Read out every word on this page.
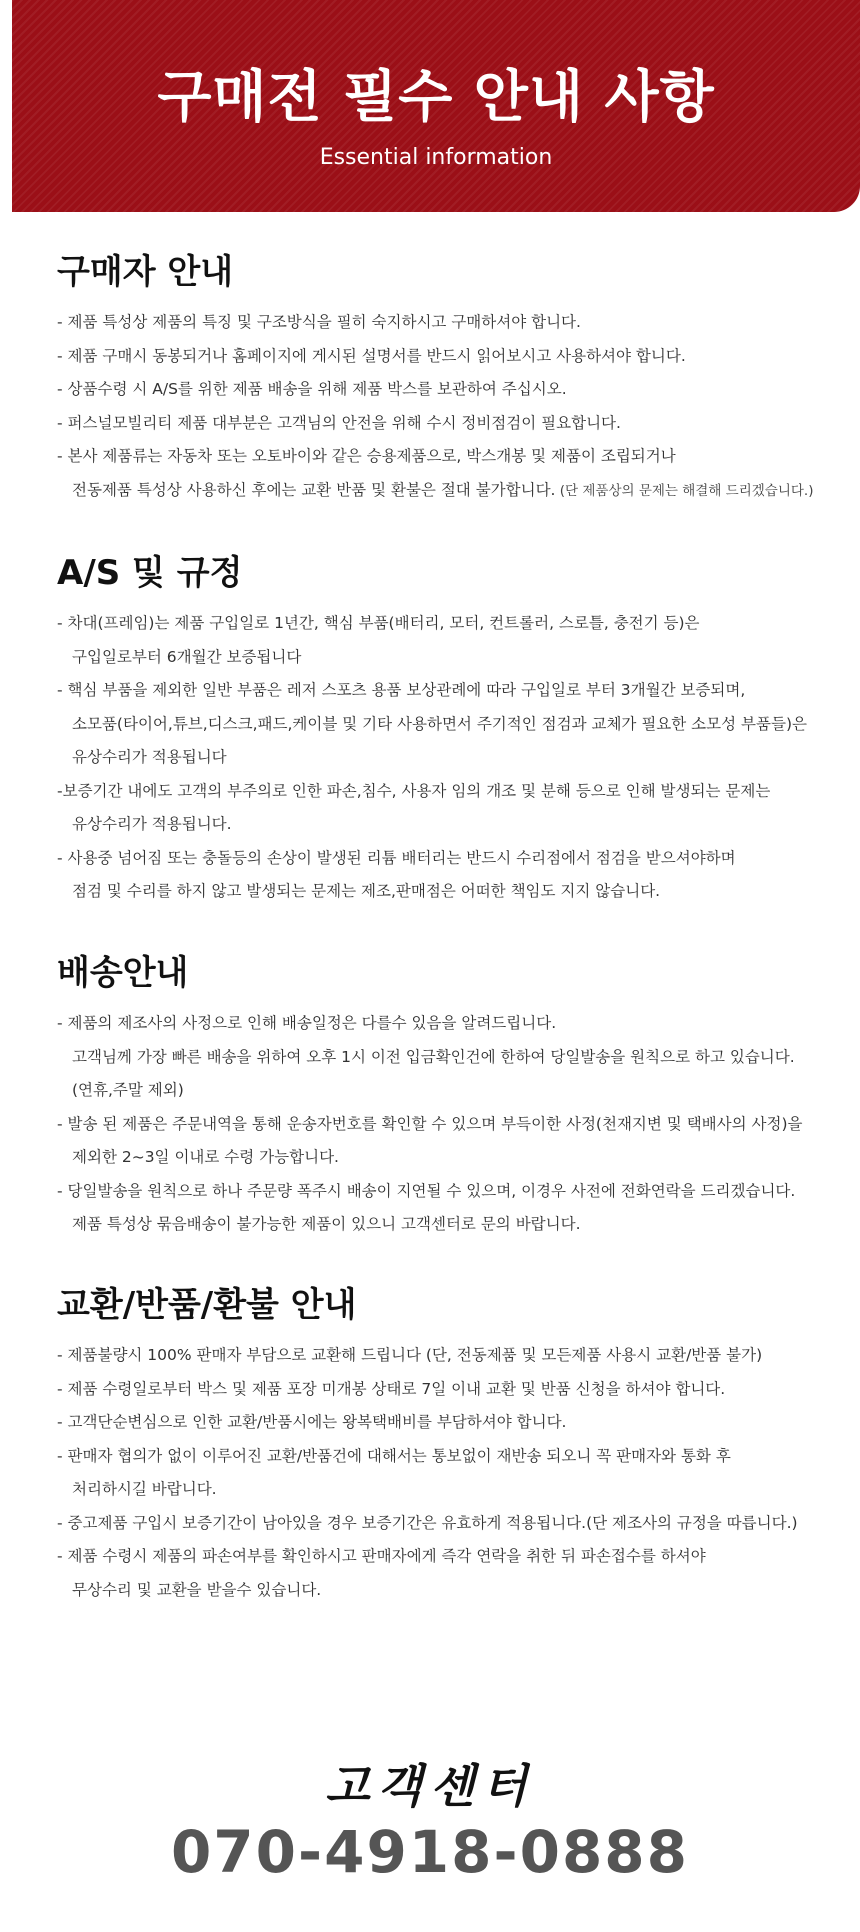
구매전 필수 안내 사항
Essential information
구매자 안내
- 제품 특성상 제품의 특징 및 구조방식을 필히 숙지하시고 구매하셔야 합니다.
- 제품 구매시 동봉되거나 홈페이지에 게시된 설명서를 반드시 읽어보시고 사용하셔야 합니다.
- 상품수령 시 A/S를 위한 제품 배송을 위해 제품 박스를 보관하여 주십시오.
- 퍼스널모빌리티 제품 대부분은 고객님의 안전을 위해 수시 정비점검이 필요합니다.
- 본사 제품류는 자동차 또는 오토바이와 같은 승용제품으로, 박스개봉 및 제품이 조립되거나
전동제품 특성상 사용하신 후에는 교환 반품 및 환불은 절대 불가합니다. (단 제품상의 문제는 해결해 드리겠습니다.)
A/S 및 규정
- 차대(프레임)는 제품 구입일로 1년간, 핵심 부품(배터리, 모터, 컨트롤러, 스로틀, 충전기 등)은
구입일로부터 6개월간 보증됩니다
- 핵심 부품을 제외한 일반 부품은 레저 스포츠 용품 보상관례에 따라 구입일로 부터 3개월간 보증되며,
소모품(타이어,튜브,디스크,패드,케이블 및 기타 사용하면서 주기적인 점검과 교체가 필요한 소모성 부품들)은
유상수리가 적용됩니다
-보증기간 내에도 고객의 부주의로 인한 파손,침수, 사용자 임의 개조 및 분해 등으로 인해 발생되는 문제는
유상수리가 적용됩니다.
- 사용중 넘어짐 또는 충돌등의 손상이 발생된 리튬 배터리는 반드시 수리점에서 점검을 받으셔야하며
점검 및 수리를 하지 않고 발생되는 문제는 제조,판매점은 어떠한 책임도 지지 않습니다.
배송안내
- 제품의 제조사의 사정으로 인해 배송일정은 다를수 있음을 알려드립니다.
고객님께 가장 빠른 배송을 위하여 오후 1시 이전 입금확인건에 한하여 당일발송을 원칙으로 하고 있습니다.
(연휴,주말 제외)
- 발송 된 제품은 주문내역을 통해 운송자번호를 확인할 수 있으며 부득이한 사정(천재지변 및 택배사의 사정)을
제외한 2~3일 이내로 수령 가능합니다.
- 당일발송을 원칙으로 하나 주문량 폭주시 배송이 지연될 수 있으며, 이경우 사전에 전화연락을 드리겠습니다.
제품 특성상 묶음배송이 불가능한 제품이 있으니 고객센터로 문의 바랍니다.
교환/반품/환불 안내
- 제품불량시 100% 판매자 부담으로 교환해 드립니다 (단, 전동제품 및 모든제품 사용시 교환/반품 불가)
- 제품 수령일로부터 박스 및 제품 포장 미개봉 상태로 7일 이내 교환 및 반품 신청을 하셔야 합니다.
- 고객단순변심으로 인한 교환/반품시에는 왕복택배비를 부담하셔야 합니다.
- 판매자 협의가 없이 이루어진 교환/반품건에 대해서는 통보없이 재반송 되오니 꼭 판매자와 통화 후
처리하시길 바랍니다.
- 중고제품 구입시 보증기간이 남아있을 경우 보증기간은 유효하게 적용됩니다.(단 제조사의 규정을 따릅니다.)
- 제품 수령시 제품의 파손여부를 확인하시고 판매자에게 즉각 연락을 취한 뒤 파손접수를 하셔야
무상수리 및 교환을 받을수 있습니다.
고객센터
070-4918-0888
